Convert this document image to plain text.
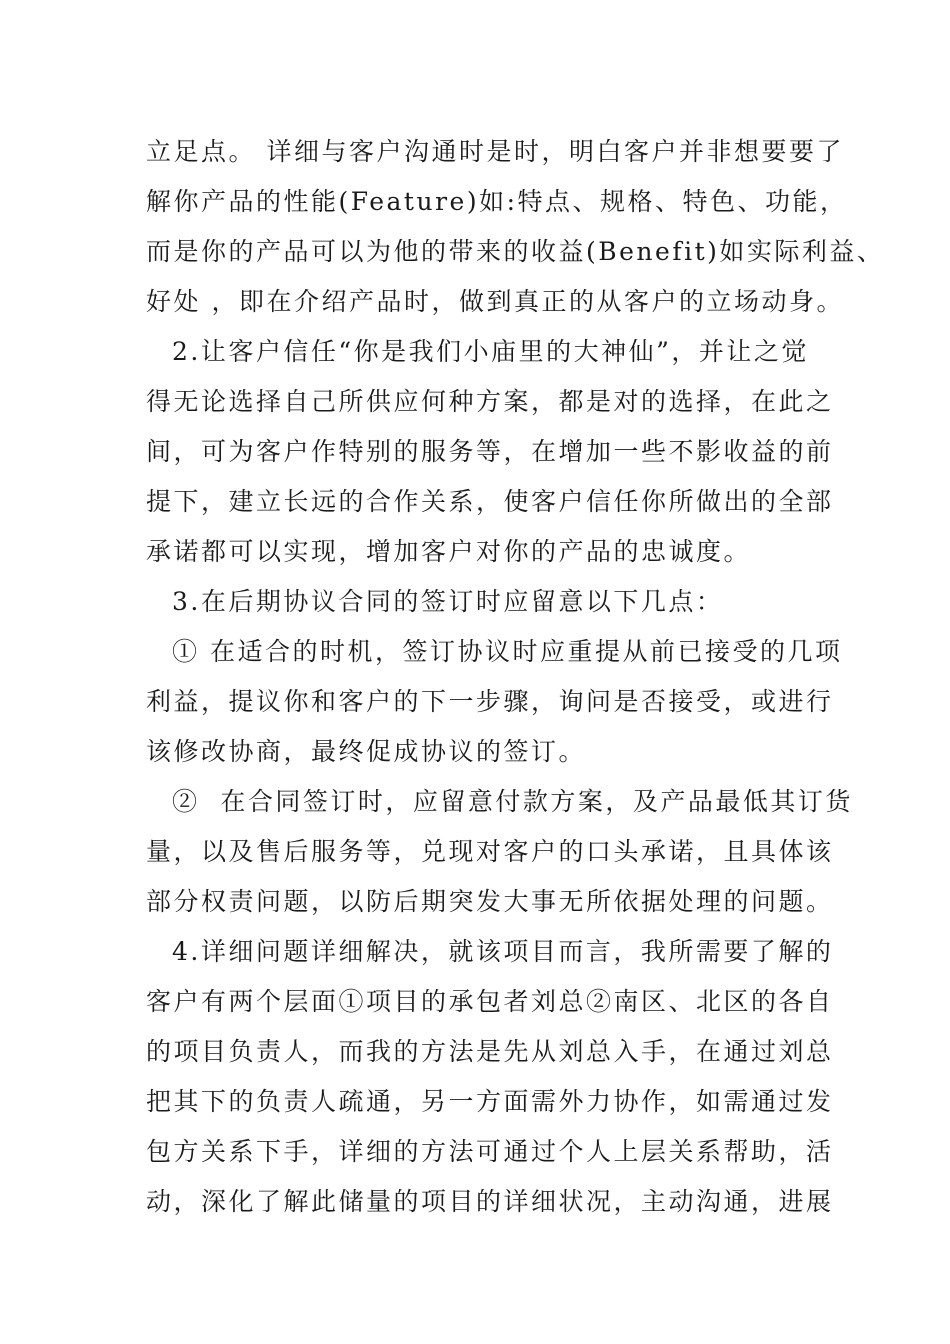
立足点。 详细与客户沟通时是时，明白客户并非想要要了
解你产品的性能(Feature)如:特点、规格、特色、功能，
而是你的产品可以为他的带来的收益(Benefit)如实际利益、
好处 ，即在介绍产品时，做到真正的从客户的立场动身。
2.让客户信任“你是我们小庙里的大神仙”，并让之觉
得无论选择自己所供应何种方案，都是对的选择，在此之
间，可为客户作特别的服务等，在增加一些不影收益的前
提下，建立长远的合作关系，使客户信任你所做出的全部
承诺都可以实现，增加客户对你的产品的忠诚度。
3.在后期协议合同的签订时应留意以下几点：
① 在适合的时机，签订协议时应重提从前已接受的几项
利益，提议你和客户的下一步骤，询问是否接受，或进行
该修改协商，最终促成协议的签订。
②  在合同签订时，应留意付款方案，及产品最低其订货
量，以及售后服务等，兑现对客户的口头承诺，且具体该
部分权责问题，以防后期突发大事无所依据处理的问题。
4.详细问题详细解决，就该项目而言，我所需要了解的
客户有两个层面①项目的承包者刘总②南区、北区的各自
的项目负责人，而我的方法是先从刘总入手，在通过刘总
把其下的负责人疏通，另一方面需外力协作，如需通过发
包方关系下手，详细的方法可通过个人上层关系帮助，活
动，深化了解此储量的项目的详细状况，主动沟通，进展
